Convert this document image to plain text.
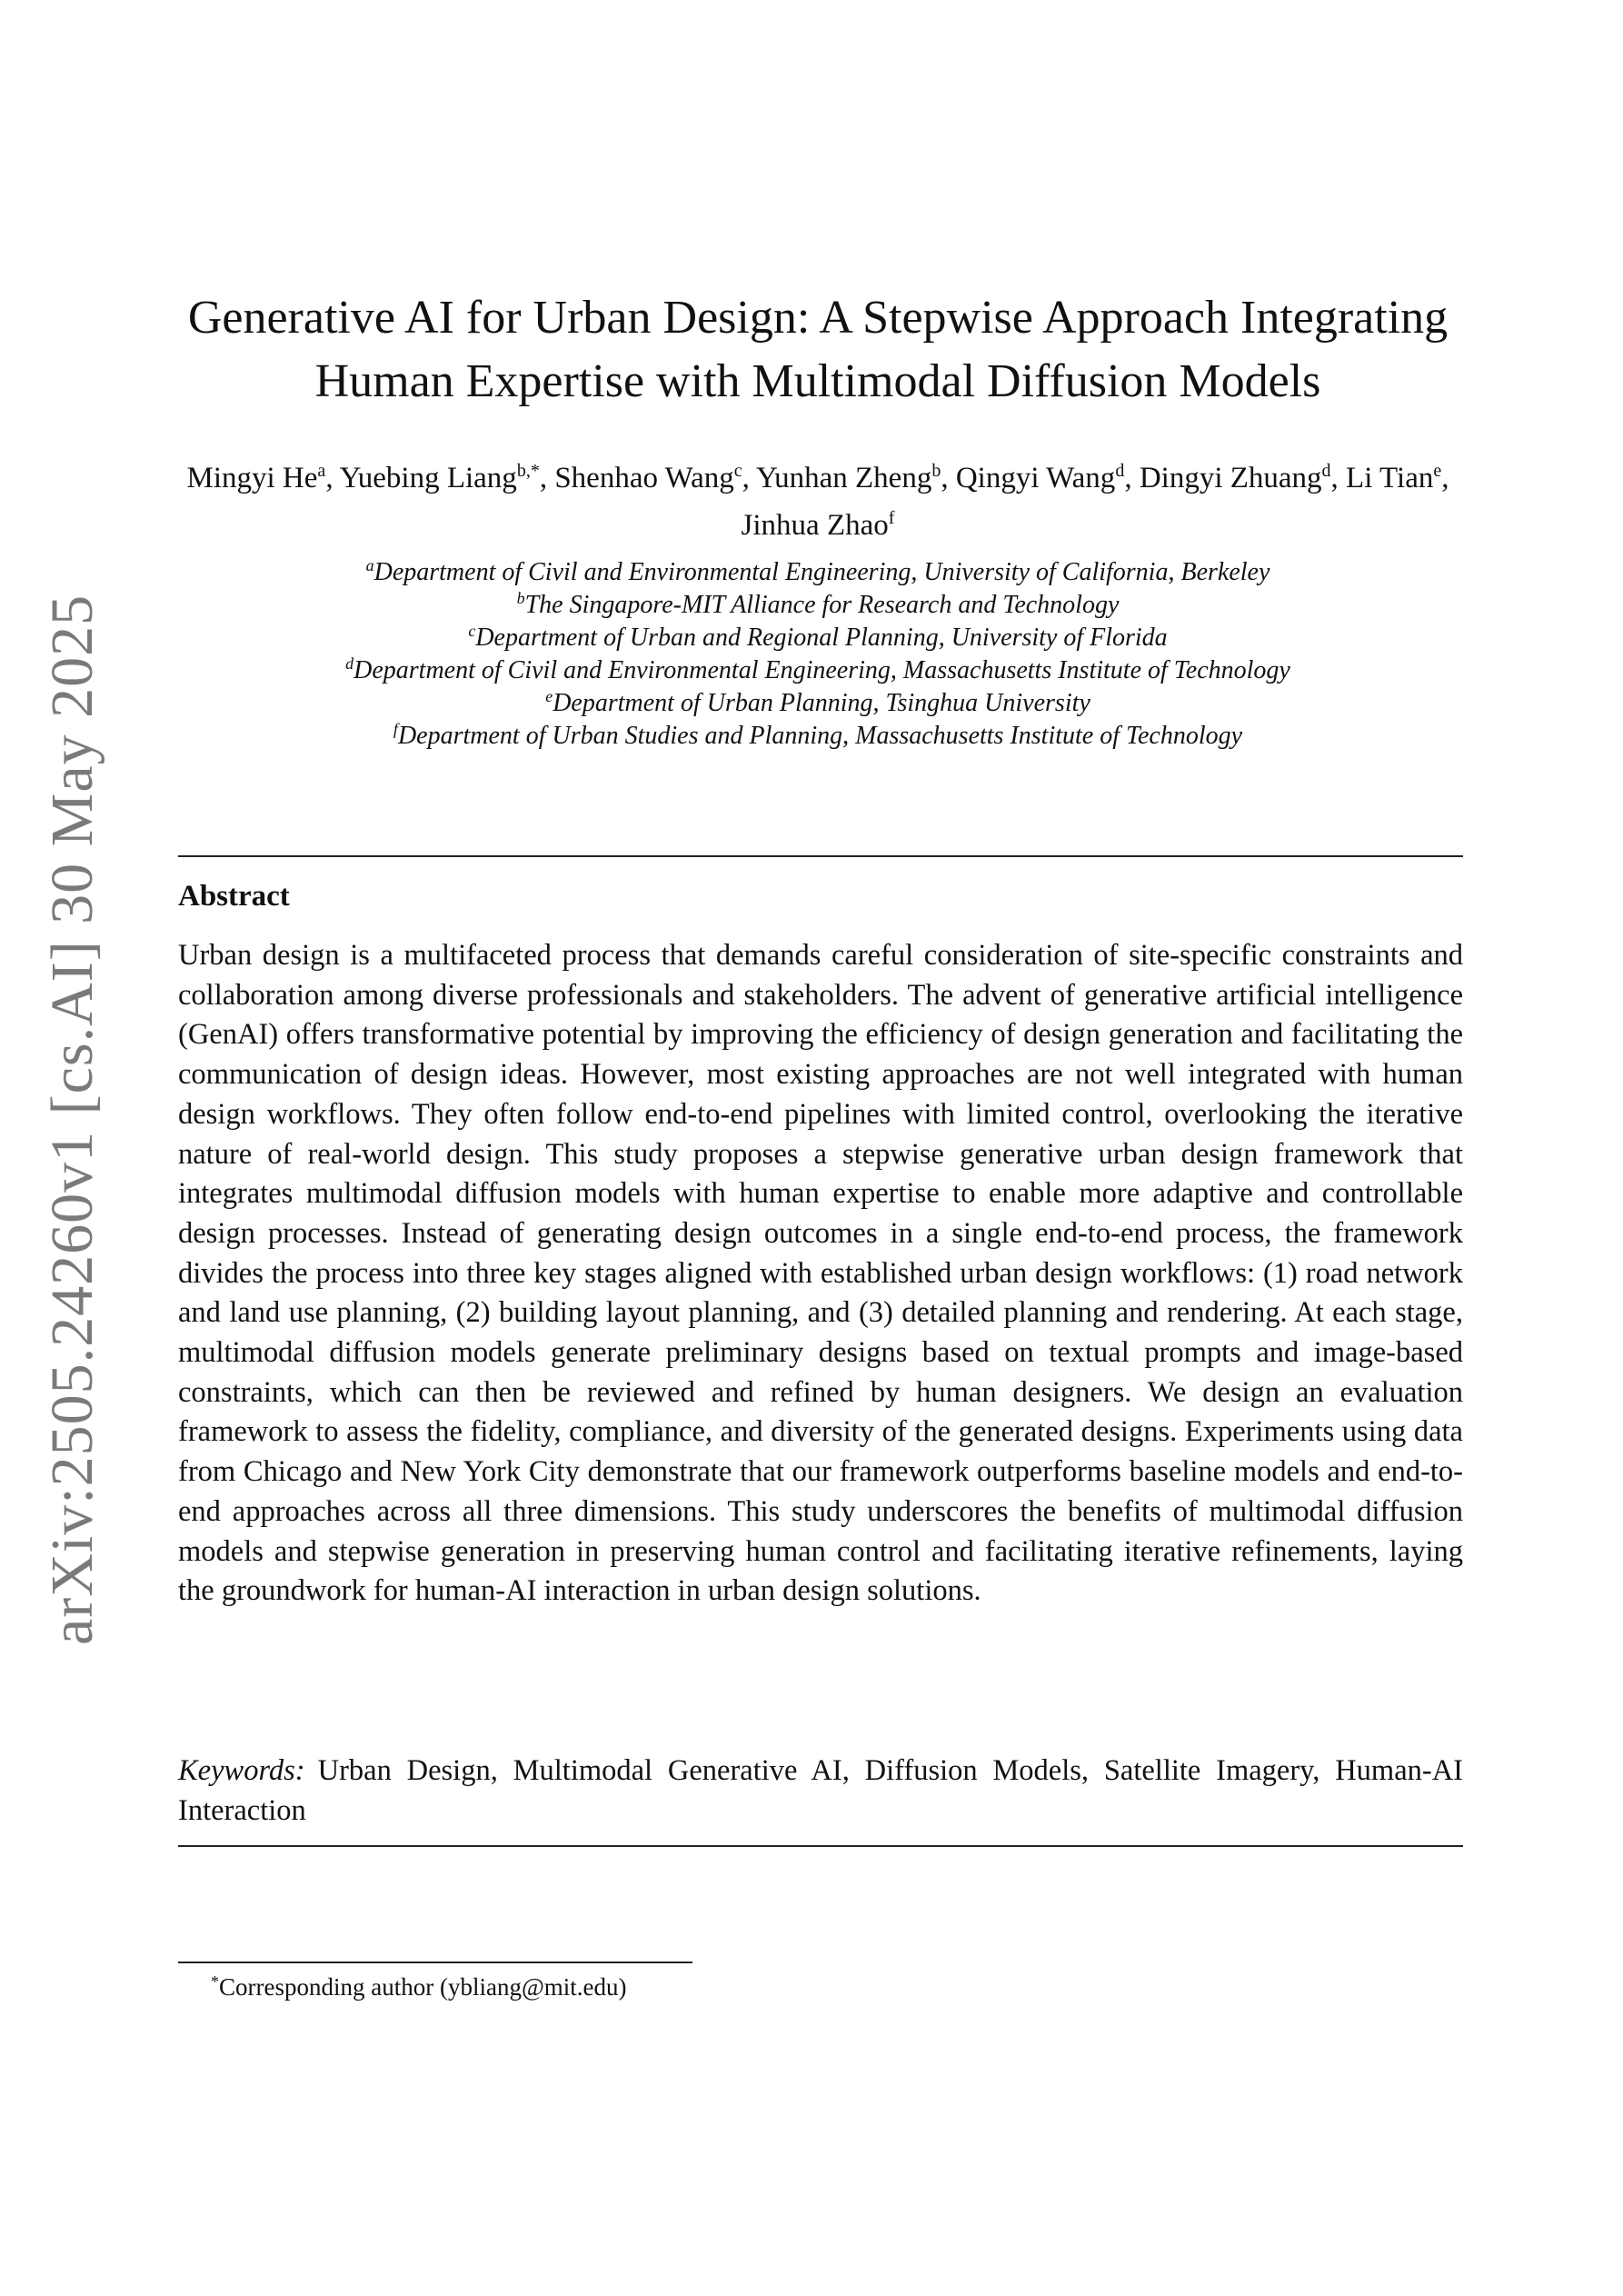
arXiv:2505.24260v1 [cs.AI] 30 May 2025
Generative AI for Urban Design: A Stepwise Approach Integrating
Human Expertise with Multimodal Diffusion Models
Mingyi He$^a$, Yuebing Liang$^{b,*}$, Shenhao Wang$^c$, Yunhan Zheng$^b$, Qingyi Wang$^d$, Dingyi Zhuang$^d$, Li Tian$^e$, Jinhua Zhao$^f$
$^a$Department of Civil and Environmental Engineering, University of California, Berkeley
$^b$The Singapore-MIT Alliance for Research and Technology
$^c$Department of Urban and Regional Planning, University of Florida
$^d$Department of Civil and Environmental Engineering, Massachusetts Institute of Technology
$^e$Department of Urban Planning, Tsinghua University
$^f$Department of Urban Studies and Planning, Massachusetts Institute of Technology
Abstract
Urban design is a multifaceted process that demands careful consideration of site-specific constraints and collaboration among diverse professionals and stakeholders. The advent of generative artificial intelligence (GenAI) offers transformative potential by improving the efficiency of design generation and facilitating the communication of design ideas. However, most existing approaches are not well integrated with human design workflows. They often follow end-to-end pipelines with limited control, overlooking the iterative nature of real-world design. This study proposes a stepwise generative urban design framework that integrates multimodal diffusion models with human expertise to enable more adaptive and controllable design processes. Instead of generating design outcomes in a single end-to-end process, the framework divides the process into three key stages aligned with established urban design workflows: (1) road network and land use planning, (2) building layout planning, and (3) detailed planning and rendering. At each stage, multimodal diffusion models generate preliminary designs based on textual prompts and image-based constraints, which can then be reviewed and refined by human designers. We design an evaluation framework to assess the fidelity, compliance, and diversity of the generated designs. Experiments using data from Chicago and New York City demonstrate that our framework outperforms baseline models and end-to-end approaches across all three dimensions. This study underscores the benefits of multimodal diffusion models and stepwise generation in preserving human control and facilitating iterative refinements, laying the groundwork for human-AI interaction in urban design solutions.
Keywords: Urban Design, Multimodal Generative AI, Diffusion Models, Satellite Imagery, Human-AI Interaction
*Corresponding author (ybliang@mit.edu)
